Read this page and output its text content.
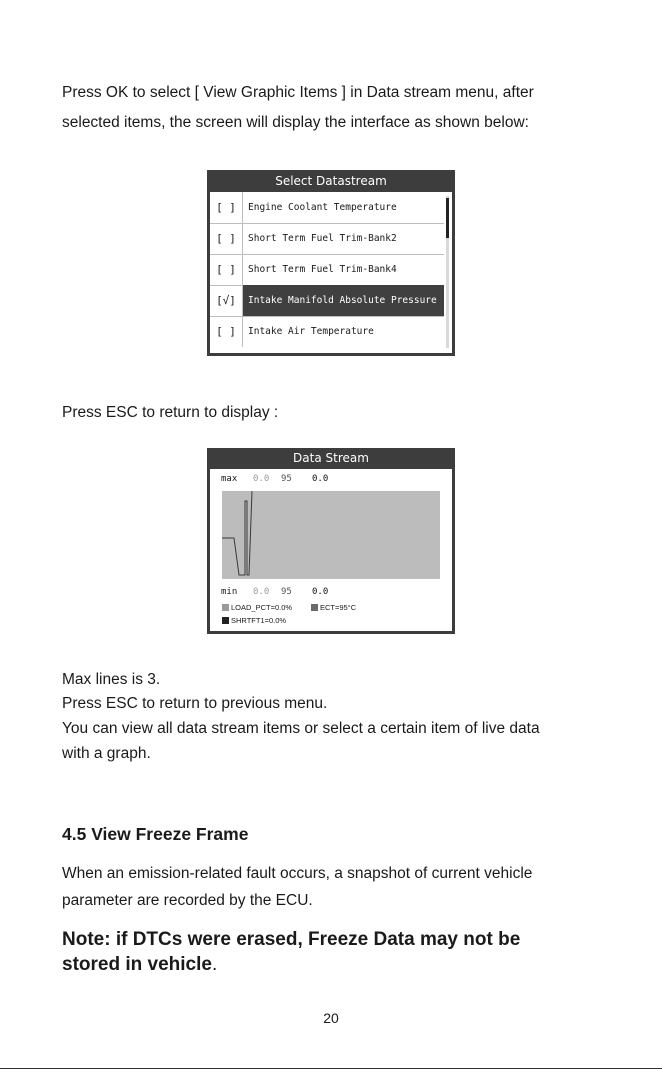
Press OK to select [ View Graphic Items ] in Data stream menu, after

selected items, the screen will display the interface as shown below:

Select Datastream
[ ]	Engine Coolant Temperature
[ ]	Short Term Fuel Trim-Bank2
[ ]	Short Term Fuel Trim-Bank4
[√]	Intake Manifold Absolute Pressure
[ ]	Intake Air Temperature

Press ESC to return to display :

Data Stream
max 0.0 95 0.0
min 0.0 95 0.0
LOAD_PCT=0.0%	ECT=95°C
SHRTFT1=0.0%

Max lines is 3.

Press ESC to return to previous menu.

You can view all data stream items or select a certain item of live data

with a graph.

4.5 View Freeze Frame

When an emission-related fault occurs, a snapshot of current vehicle

parameter are recorded by the ECU.

Note: if DTCs were erased, Freeze Data may not be

stored in vehicle.

20
